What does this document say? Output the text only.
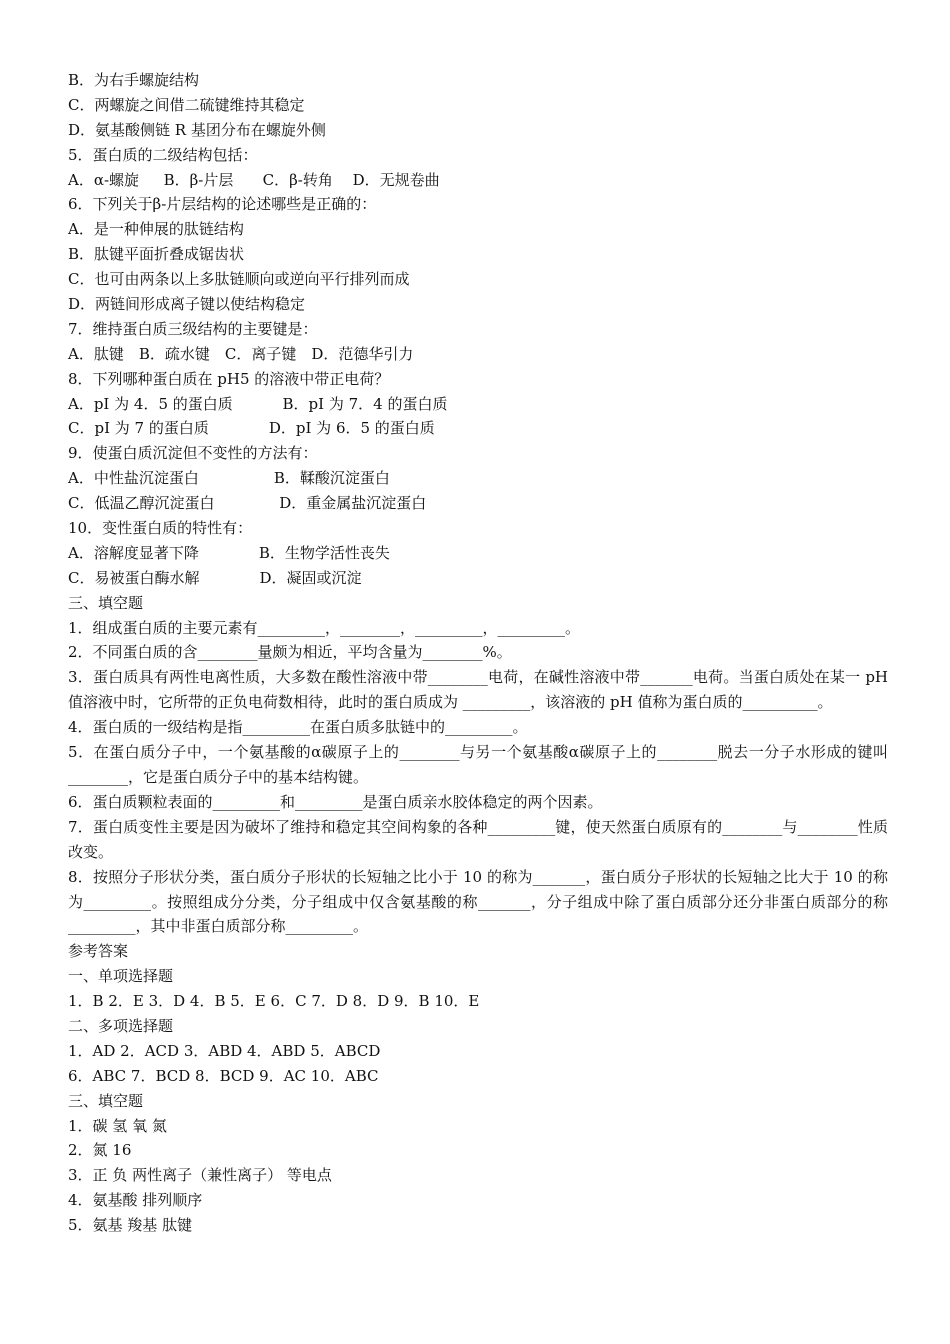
B．为右手螺旋结构
C．两螺旋之间借二硫键维持其稳定
D．氨基酸侧链 R 基团分布在螺旋外侧
5．蛋白质的二级结构包括：
A．α-螺旋　  B．β-片层　   C．β-转角　 D．无规卷曲
6．下列关于β-片层结构的论述哪些是正确的：
A．是一种伸展的肽链结构
B．肽键平面折叠成锯齿状
C．也可由两条以上多肽链顺向或逆向平行排列而成
D．两链间形成离子键以使结构稳定
7．维持蛋白质三级结构的主要键是：
A．肽键　B．疏水键　C．离子键　D．范德华引力
8．下列哪种蛋白质在 pH5 的溶液中带正电荷？
A．pI 为 4．5 的蛋白质　　　 B．pI 为 7．4 的蛋白质
C．pI 为 7 的蛋白质　　　　D．pI 为 6．5 的蛋白质
9．使蛋白质沉淀但不变性的方法有：
A．中性盐沉淀蛋白　　　　　B．鞣酸沉淀蛋白
C．低温乙醇沉淀蛋白　　　　 D．重金属盐沉淀蛋白
10．变性蛋白质的特性有：
A．溶解度显著下降　　　　B．生物学活性丧失
C．易被蛋白酶水解　　　　D．凝固或沉淀
三、填空题
1．组成蛋白质的主要元素有_________，________，_________，_________。
2．不同蛋白质的含________量颇为相近，平均含量为________%。
3．蛋白质具有两性电离性质，大多数在酸性溶液中带________电荷，在碱性溶液中带_______电荷。当蛋白质处在某一 pH 值溶液中时，它所带的正负电荷数相待，此时的蛋白质成为 _________，该溶液的 pH 值称为蛋白质的__________。
4．蛋白质的一级结构是指_________在蛋白质多肽链中的_________。
5．在蛋白质分子中，一个氨基酸的α碳原子上的________与另一个氨基酸α碳原子上的________脱去一分子水形成的键叫________，它是蛋白质分子中的基本结构键。
6．蛋白质颗粒表面的_________和_________是蛋白质亲水胶体稳定的两个因素。
7．蛋白质变性主要是因为破坏了维持和稳定其空间构象的各种_________键，使天然蛋白质原有的________与________性质改变。
8．按照分子形状分类，蛋白质分子形状的长短轴之比小于 10 的称为_______，蛋白质分子形状的长短轴之比大于 10 的称为_________。按照组成分分类，分子组成中仅含氨基酸的称_______，分子组成中除了蛋白质部分还分非蛋白质部分的称_________，其中非蛋白质部分称_________。
参考答案
一、单项选择题
1．B 2．E 3．D 4．B 5．E 6．C 7．D 8．D 9．B 10．E
二、多项选择题
1．AD 2．ACD 3．ABD 4．ABD 5．ABCD
6．ABC 7．BCD 8．BCD 9．AC 10．ABC
三、填空题
1．碳 氢 氧 氮
2．氮 16
3．正 负 两性离子（兼性离子） 等电点
4．氨基酸 排列顺序
5．氨基 羧基 肽键
